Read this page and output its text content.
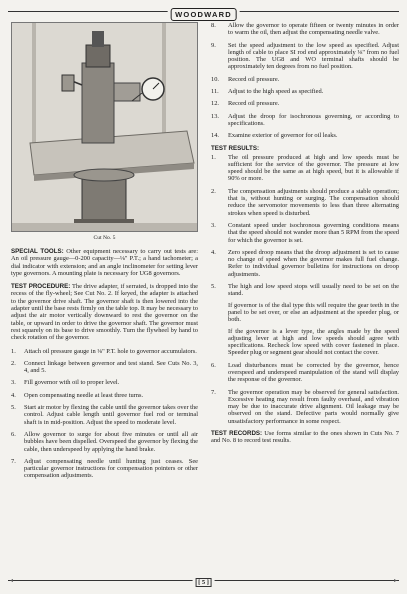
WOODWARD
Cut No. 5

SPECIAL TOOLS: Other equipment necessary to carry out tests are: An oil pressure gauge—0-200 capacity—⅛" P.T.; a hand tachometer; a dial indicator with extension; and an angle inclinometer for setting lever type governors. A mounting plate is necessary for UG8 governors.

TEST PROCEDURE: The drive adapter, if serrated, is dropped into the recess of the fly-wheel; See Cut No. 2. If keyed, the adapter is attached to the governor drive shaft. The governor shaft is then lowered into the adapter until the base rests firmly on the table top. It may be necessary to adjust the air motor vertically downward to rest the governor on the table, or upward in order to drive the governor shaft. The governor must rest squarely on its base to drive smoothly. Turn the flywheel by hand to check rotation of the governor.

1. Attach oil pressure gauge in ⅛" P.T. hole to governor accumulators.
2. Connect linkage between governor and test stand. See Cuts No. 3, 4, and 5.
3. Fill governor with oil to proper level.
4. Open compensating needle at least three turns.
5. Start air motor by flexing the cable until the governor takes over the control. Adjust cable length until governor fuel rod or terminal shaft is in mid-position. Adjust the speed to moderate level.
6. Allow governor to surge for about five minutes or until all air bubbles have been dispelled. Overspeed the governor by flexing the cable, then underspeed by applying the hand brake.
7. Adjust compensating needle until hunting just ceases. See particular governor instructions for compensation pointers or other compensation adjustments.
8. Allow the governor to operate fifteen or twenty minutes in order to warm the oil, then adjust the compensating needle valve.
9. Set the speed adjustment to the low speed as specified. Adjust length of cable to place SI rod end approximately ⅛" from no fuel position. The UG8 and WO terminal shafts should be approximately ten degrees from no fuel position.
10. Record oil pressure.
11. Adjust to the high speed as specified.
12. Record oil pressure.
13. Adjust the droop for isochronous governing, or according to specifications.
14. Examine exterior of governor for oil leaks.
TEST RESULTS:
1. The oil pressure produced at high and low speeds must be sufficient for the service of the governor. The pressure at low speed should be the same as at high speed, but it is allowable if 90% or more.
2. The compensation adjustments should produce a stable operation; that is, without hunting or surging. The compensation should reduce the servomotor movements to less than three alternating strokes when speed is disturbed.
3. Constant speed under isochronous governing conditions means that the speed should not wander more than 5 RPM from the speed for which the governor is set.
4. Zero speed droop means that the droop adjustment is set to cause no change of speed when the governor makes full fuel change. Refer to individual governor bulletins for instructions on droop adjustments.
5. The high and low speed stops will usually need to be set on the stand.
If governor is of the dial type this will require the gear teeth in the panel to be set over, or else an adjustment at the speeder plug, or both.
If the governor is a lever type, the angles made by the speed adjusting lever at high and low speeds should agree with specifications. Recheck low speed with cover fastened in place. Speeder plug or segment gear should not contact the cover.
6. Load disturbances must be corrected by the governor, hence overspeed and underspeed manipulation of the stand will display the response of the governor.
7. The governor operation may be observed for general satisfaction. Excessive heating may result from faulty overhaul, and vibration may be due to inaccurate drive alignment. Oil leakage may be observed on the stand. Defective parts would normally give unsatisfactory performance in some respect.

TEST RECORDS: Use forms similar to the ones shown in Cuts No. 7 and No. 8 to record test results.

◂	[ 5 ]	▸
